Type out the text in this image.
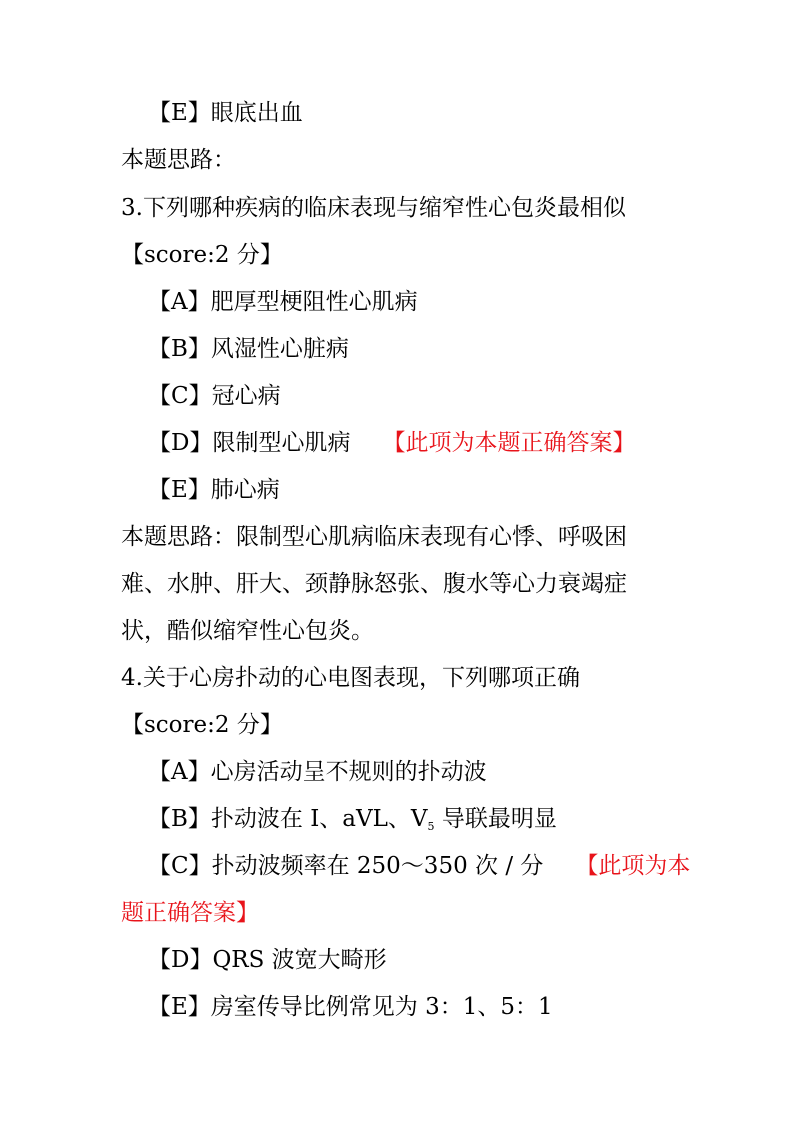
【E】眼底出血
本题思路：
3.下列哪种疾病的临床表现与缩窄性心包炎最相似
【score:2 分】
【A】肥厚型梗阻性心肌病
【B】风湿性心脏病
【C】冠心病
【D】限制型心肌病 【此项为本题正确答案】
【E】肺心病
本题思路：限制型心肌病临床表现有心悸、呼吸困
难、水肿、肝大、颈静脉怒张、腹水等心力衰竭症
状，酷似缩窄性心包炎。
4.关于心房扑动的心电图表现，下列哪项正确
【score:2 分】
【A】心房活动呈不规则的扑动波
【B】扑动波在 I、aVL、$V_5$ 导联最明显
【C】扑动波频率在 250～350 次 / 分 【此项为本
题正确答案】
【D】QRS 波宽大畸形
【E】房室传导比例常见为 3：1、5：1
